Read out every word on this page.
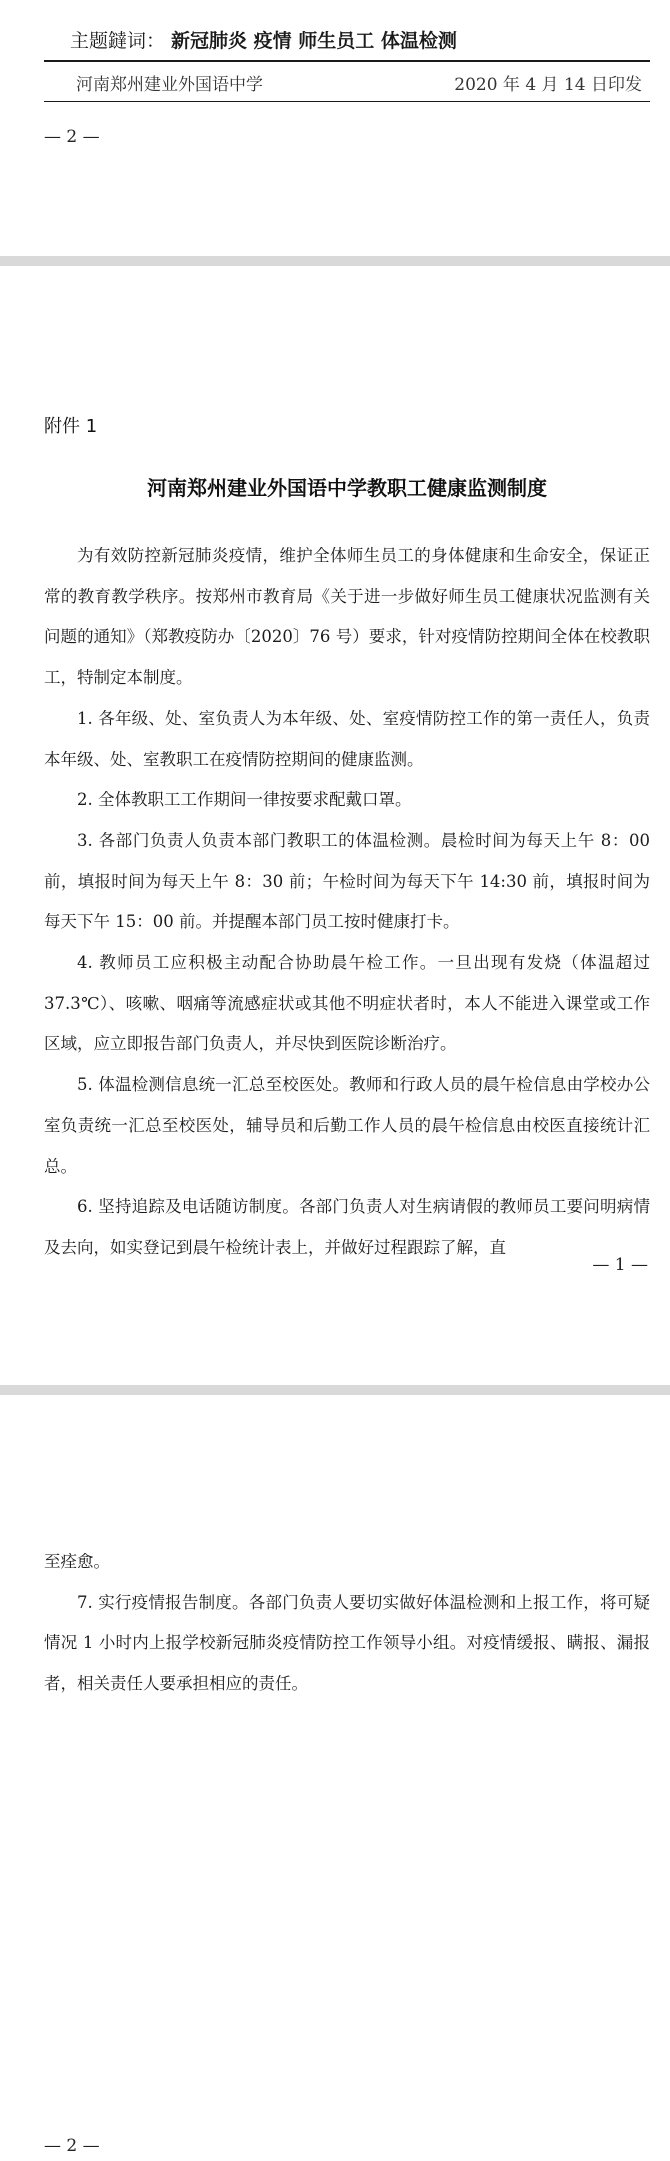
主题鐽词： 新冠肺炎 疫情 师生员工 体温检测
河南郑州建业外国语中学	2020 年 4 月 14 日印发
— 2 —
附件 1
河南郑州建业外国语中学教职工健康监测制度

为有效防控新冠肺炎疫情，维护全体师生员工的身体健康和生命安全，保证正常的教育教学秩序。按郑州市教育局《关于进一步做好师生员工健康状况监测有关问题的通知》（郑教疫防办〔2020〕76 号）要求，针对疫情防控期间全体在校教职工，特制定本制度。

1. 各年级、处、室负责人为本年级、处、室疫情防控工作的第一责任人，负责本年级、处、室教职工在疫情防控期间的健康监测。

2. 全体教职工工作期间一律按要求配戴口罩。

3. 各部门负责人负责本部门教职工的体温检测。晨检时间为每天上午 8：00 前，填报时间为每天上午 8：30 前；午检时间为每天下午 14:30 前，填报时间为每天下午 15：00 前。并提醒本部门员工按时健康打卡。

4. 教师员工应积极主动配合协助晨午检工作。一旦出现有发烧（体温超过 37.3℃）、咳嗽、咽痛等流感症状或其他不明症状者时，本人不能进入课堂或工作区域，应立即报告部门负责人，并尽快到医院诊断治疗。

5. 体温检测信息统一汇总至校医处。教师和行政人员的晨午检信息由学校办公室负责统一汇总至校医处，辅导员和后勤工作人员的晨午检信息由校医直接统计汇总。

6. 坚持追踪及电话随访制度。各部门负责人对生病请假的教师员工要问明病情及去向，如实登记到晨午检统计表上，并做好过程跟踪了解，直

— 1 —

至痊愈。

7. 实行疫情报告制度。各部门负责人要切实做好体温检测和上报工作，将可疑情况 1 小时内上报学校新冠肺炎疫情防控工作领导小组。对疫情缓报、瞒报、漏报者，相关责任人要承担相应的责任。

— 2 —
